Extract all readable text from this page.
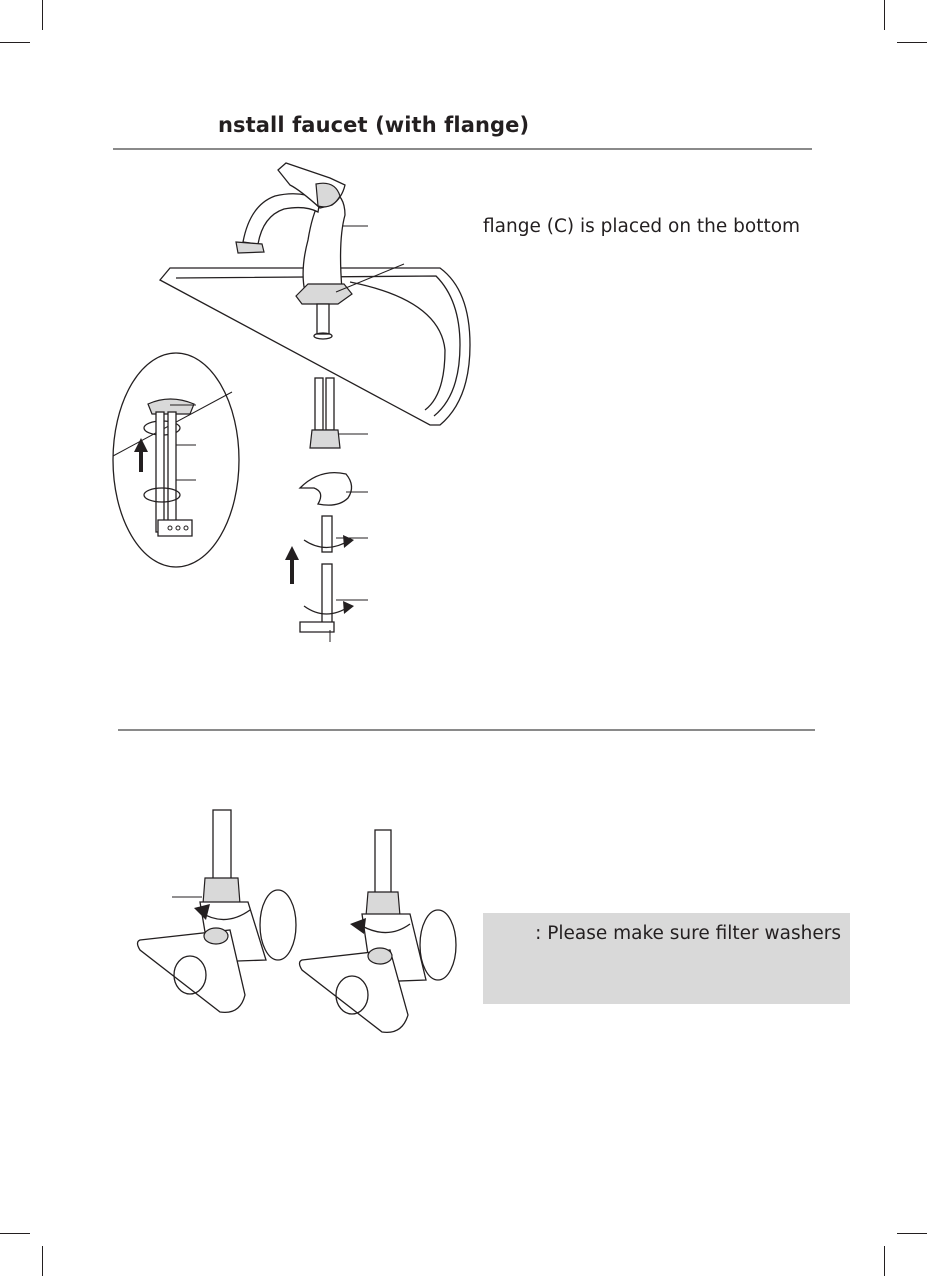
nstall faucet (with flange)
flange (C) is placed on the bottom
: Please make sure filter washers
